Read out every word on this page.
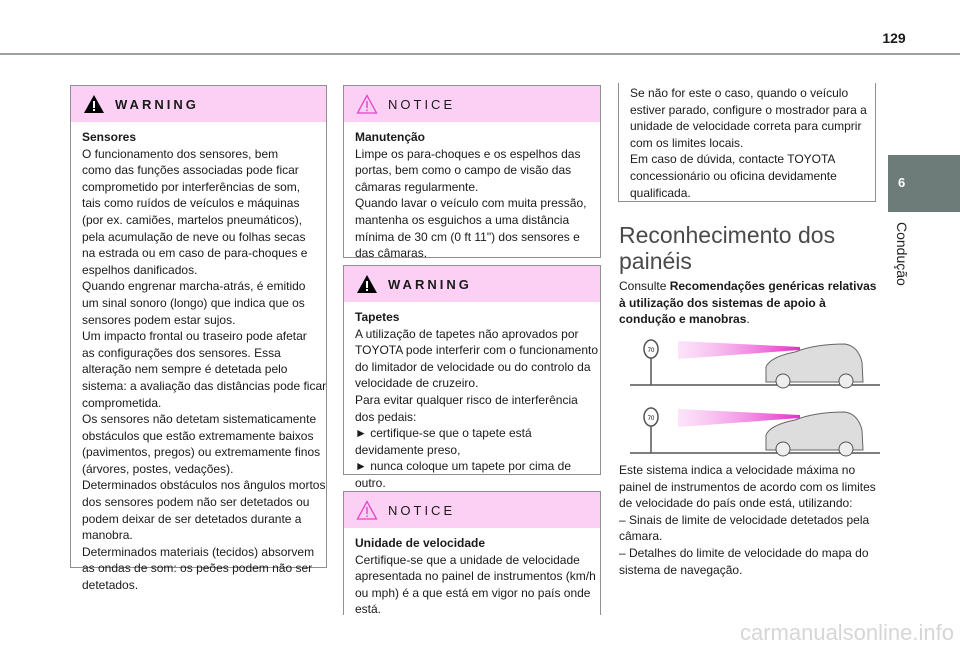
129
6
Condução
WARNING
Sensores
O funcionamento dos sensores, bem
como das funções associadas pode ficar
comprometido por interferências de som,
tais como ruídos de veículos e máquinas
(por ex. camiões, martelos pneumáticos),
pela acumulação de neve ou folhas secas
na estrada ou em caso de para-choques e
espelhos danificados.
Quando engrenar marcha-atrás, é emitido
um sinal sonoro (longo) que indica que os
sensores podem estar sujos.
Um impacto frontal ou traseiro pode afetar
as configurações dos sensores. Essa
alteração nem sempre é detetada pelo
sistema: a avaliação das distâncias pode ficar
comprometida.
Os sensores não detetam sistematicamente
obstáculos que estão extremamente baixos
(pavimentos, pregos) ou extremamente finos
(árvores, postes, vedações).
Determinados obstáculos nos ângulos mortos
dos sensores podem não ser detetados ou
podem deixar de ser detetados durante a
manobra.
Determinados materiais (tecidos) absorvem
as ondas de som: os peões podem não ser
detetados.
NOTICE
Manutenção
Limpe os para-choques e os espelhos das
portas, bem como o campo de visão das
câmaras regularmente.
Quando lavar o veículo com muita pressão,
mantenha os esguichos a uma distância
mínima de 30 cm (0 ft 11") dos sensores e
das câmaras.
WARNING
Tapetes
A utilização de tapetes não aprovados por
TOYOTA pode interferir com o funcionamento
do limitador de velocidade ou do controlo da
velocidade de cruzeiro.
Para evitar qualquer risco de interferência
dos pedais:
► certifique-se que o tapete está
devidamente preso,
► nunca coloque um tapete por cima de
outro.
NOTICE
Unidade de velocidade
Certifique-se que a unidade de velocidade
apresentada no painel de instrumentos (km/h
ou mph) é a que está em vigor no país onde
está.
Se não for este o caso, quando o veículo
estiver parado, configure o mostrador para a
unidade de velocidade correta para cumprir
com os limites locais.
Em caso de dúvida, contacte TOYOTA
concessionário ou oficina devidamente
qualificada.
Reconhecimento dos
painéis
Consulte Recomendações genéricas relativas
à utilização dos sistemas de apoio à
condução e manobras.
70
70
Este sistema indica a velocidade máxima no
painel de instrumentos de acordo com os limites
de velocidade do país onde está, utilizando:
– Sinais de limite de velocidade detetados pela
câmara.
– Detalhes do limite de velocidade do mapa do
sistema de navegação.
carmanualsonline.info
